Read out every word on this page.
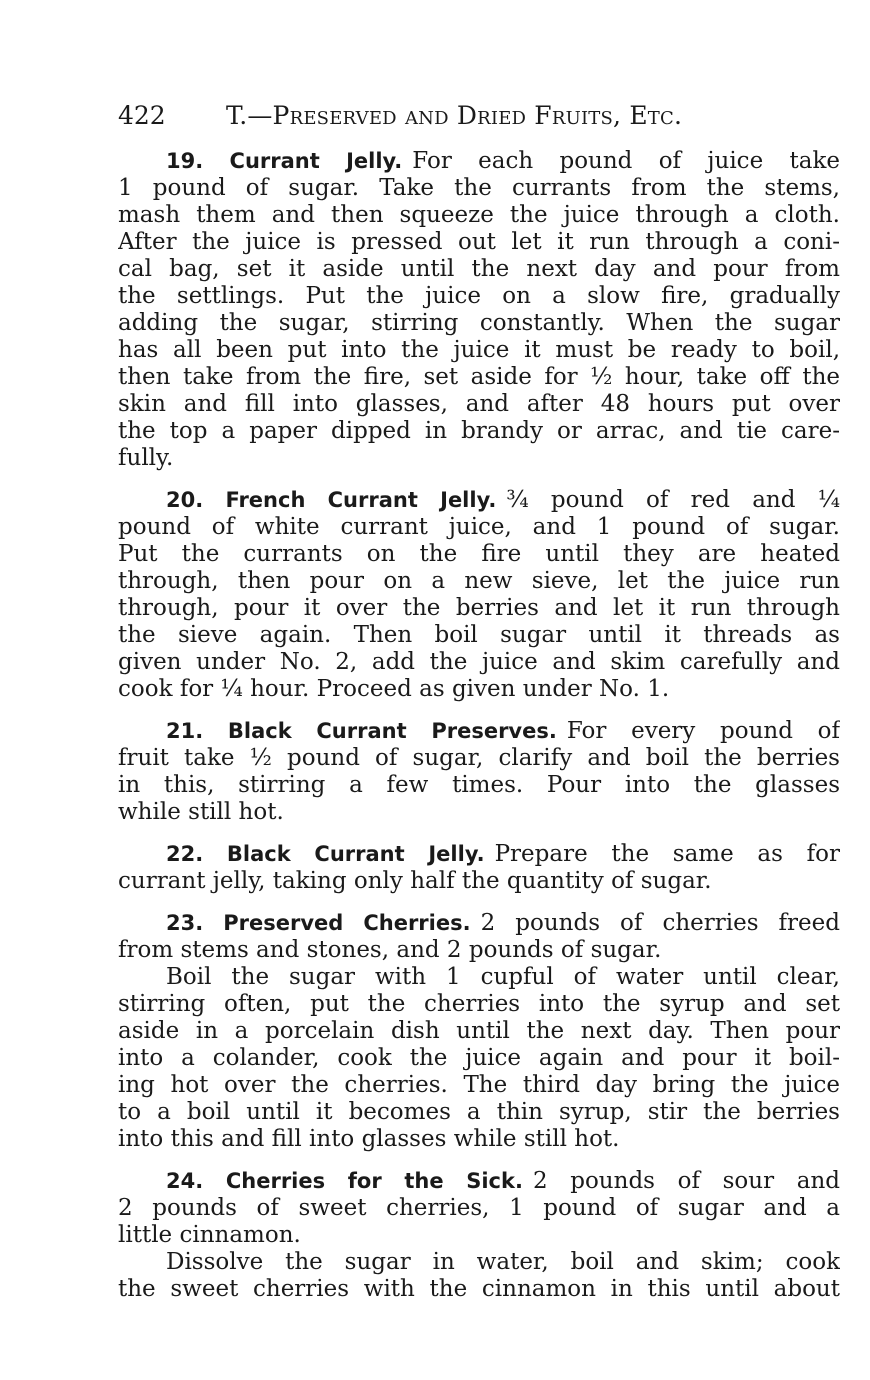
422 T.—Preserved and Dried Fruits, Etc.
19. Currant Jelly. For each pound of juice take
1 pound of sugar. Take the currants from the stems,
mash them and then squeeze the juice through a cloth.
After the juice is pressed out let it run through a coni-
cal bag, set it aside until the next day and pour from
the settlings. Put the juice on a slow fire, gradually
adding the sugar, stirring constantly. When the sugar
has all been put into the juice it must be ready to boil,
then take from the fire, set aside for ½ hour, take off the
skin and fill into glasses, and after 48 hours put over
the top a paper dipped in brandy or arrac, and tie care-
fully.
20. French Currant Jelly. ¾ pound of red and ¼
pound of white currant juice, and 1 pound of sugar.
Put the currants on the fire until they are heated
through, then pour on a new sieve, let the juice run
through, pour it over the berries and let it run through
the sieve again. Then boil sugar until it threads as
given under No. 2, add the juice and skim carefully and
cook for ¼ hour. Proceed as given under No. 1.
21. Black Currant Preserves. For every pound of
fruit take ½ pound of sugar, clarify and boil the berries
in this, stirring a few times. Pour into the glasses
while still hot.
22. Black Currant Jelly. Prepare the same as for
currant jelly, taking only half the quantity of sugar.
23. Preserved Cherries. 2 pounds of cherries freed
from stems and stones, and 2 pounds of sugar.
Boil the sugar with 1 cupful of water until clear,
stirring often, put the cherries into the syrup and set
aside in a porcelain dish until the next day. Then pour
into a colander, cook the juice again and pour it boil-
ing hot over the cherries. The third day bring the juice
to a boil until it becomes a thin syrup, stir the berries
into this and fill into glasses while still hot.
24. Cherries for the Sick. 2 pounds of sour and
2 pounds of sweet cherries, 1 pound of sugar and a
little cinnamon.
Dissolve the sugar in water, boil and skim; cook
the sweet cherries with the cinnamon in this until about
